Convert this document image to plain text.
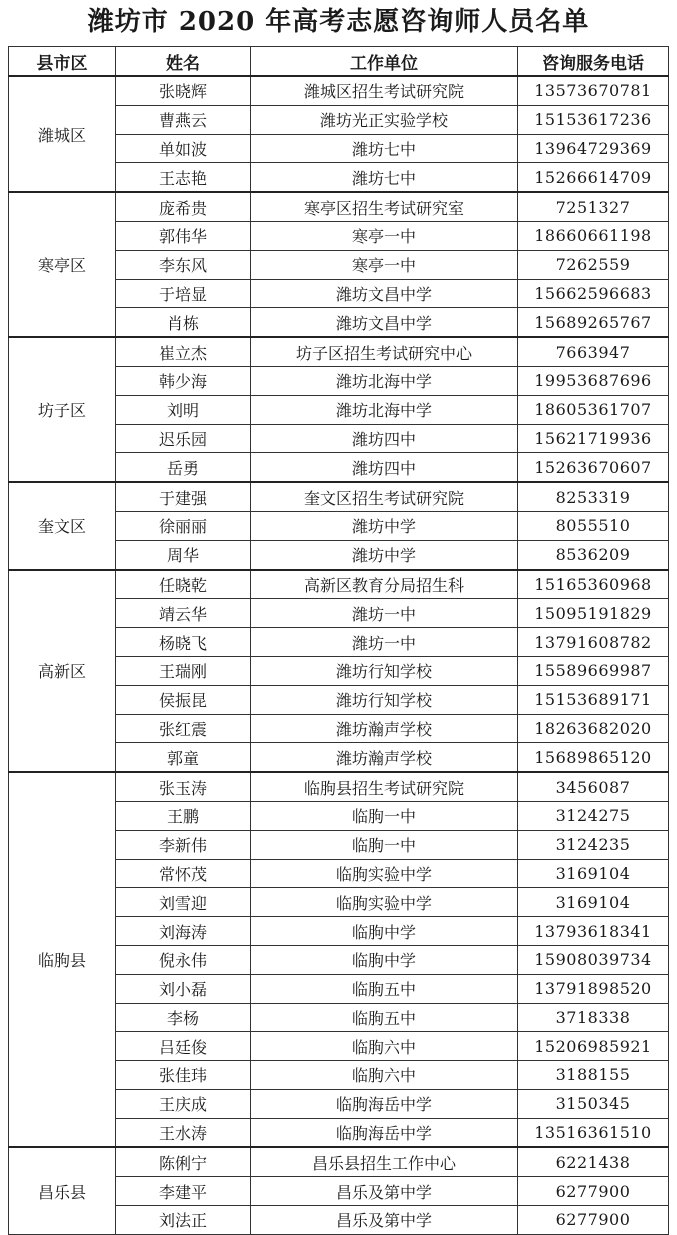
潍坊市 2020 年高考志愿咨询师人员名单
县市区	姓名	工作单位	咨询服务电话
潍城区	张晓辉	潍城区招生考试研究院	13573670781
	曹燕云	潍坊光正实验学校	15153617236
	单如波	潍坊七中	13964729369
	王志艳	潍坊七中	15266614709
寒亭区	庞希贵	寒亭区招生考试研究室	7251327
	郭伟华	寒亭一中	18660661198
	李东风	寒亭一中	7262559
	于培显	潍坊文昌中学	15662596683
	肖栋	潍坊文昌中学	15689265767
坊子区	崔立杰	坊子区招生考试研究中心	7663947
	韩少海	潍坊北海中学	19953687696
	刘明	潍坊北海中学	18605361707
	迟乐园	潍坊四中	15621719936
	岳勇	潍坊四中	15263670607
奎文区	于建强	奎文区招生考试研究院	8253319
	徐丽丽	潍坊中学	8055510
	周华	潍坊中学	8536209
高新区	任晓乾	高新区教育分局招生科	15165360968
	靖云华	潍坊一中	15095191829
	杨晓飞	潍坊一中	13791608782
	王瑞刚	潍坊行知学校	15589669987
	侯振昆	潍坊行知学校	15153689171
	张红震	潍坊瀚声学校	18263682020
	郭童	潍坊瀚声学校	15689865120
临朐县	张玉涛	临朐县招生考试研究院	3456087
	王鹏	临朐一中	3124275
	李新伟	临朐一中	3124235
	常怀茂	临朐实验中学	3169104
	刘雪迎	临朐实验中学	3169104
	刘海涛	临朐中学	13793618341
	倪永伟	临朐中学	15908039734
	刘小磊	临朐五中	13791898520
	李杨	临朐五中	3718338
	吕廷俊	临朐六中	15206985921
	张佳玮	临朐六中	3188155
	王庆成	临朐海岳中学	3150345
	王水涛	临朐海岳中学	13516361510
昌乐县	陈俐宁	昌乐县招生工作中心	6221438
	李建平	昌乐及第中学	6277900
	刘法正	昌乐及第中学	6277900
